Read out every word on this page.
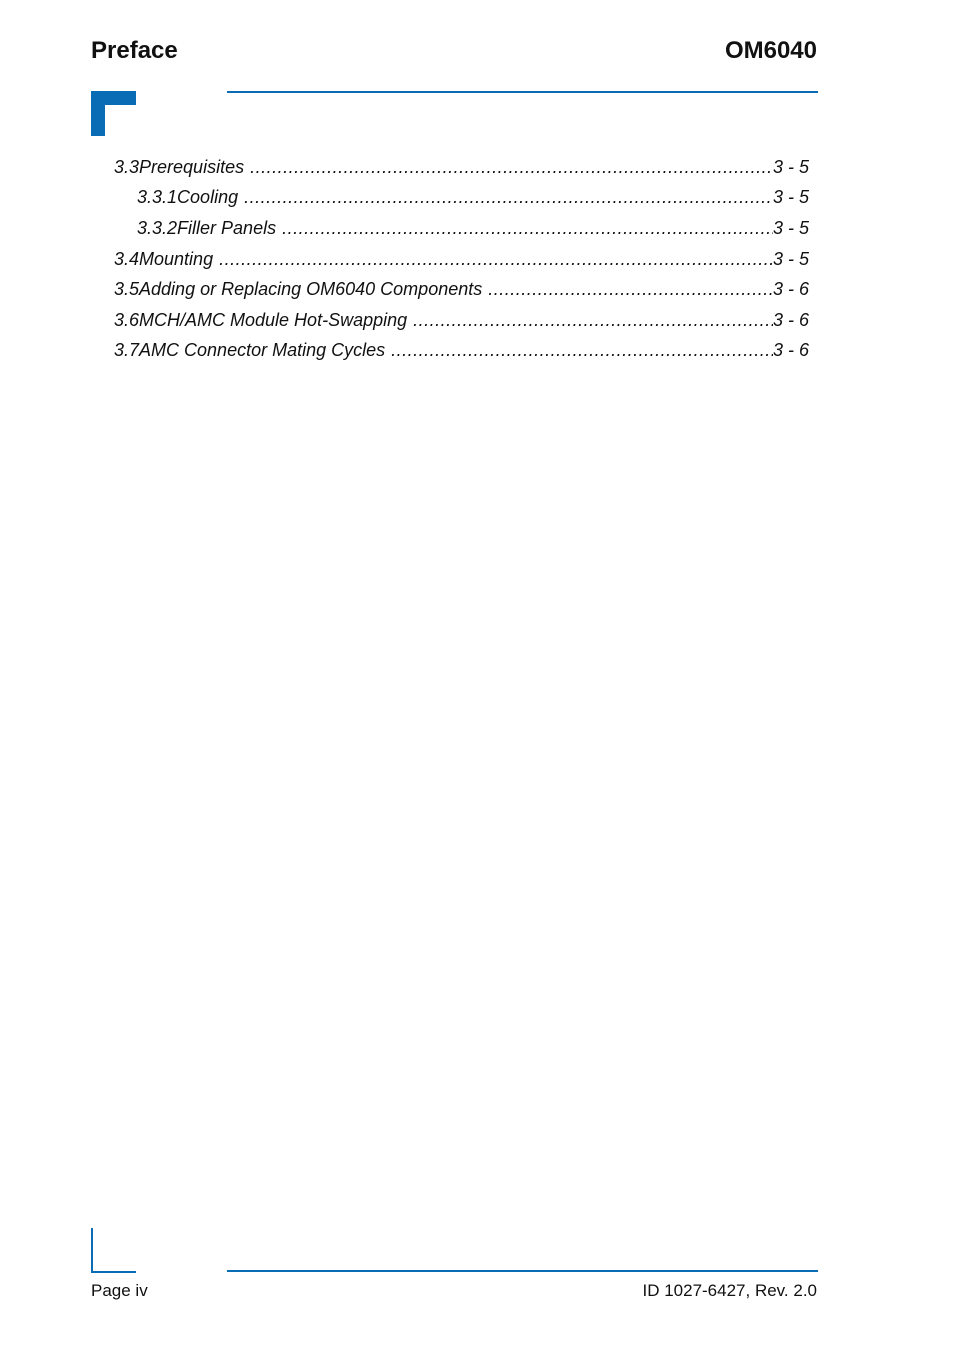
Preface	OM6040
3.3 Prerequisites .....	3 - 5
3.3.1 Cooling .....	3 - 5
3.3.2 Filler Panels .....	3 - 5
3.4 Mounting .....	3 - 5
3.5 Adding or Replacing OM6040 Components .....	3 - 6
3.6 MCH/AMC Module Hot-Swapping .....	3 - 6
3.7 AMC Connector Mating Cycles .....	3 - 6
Page iv	ID 1027-6427, Rev. 2.0
